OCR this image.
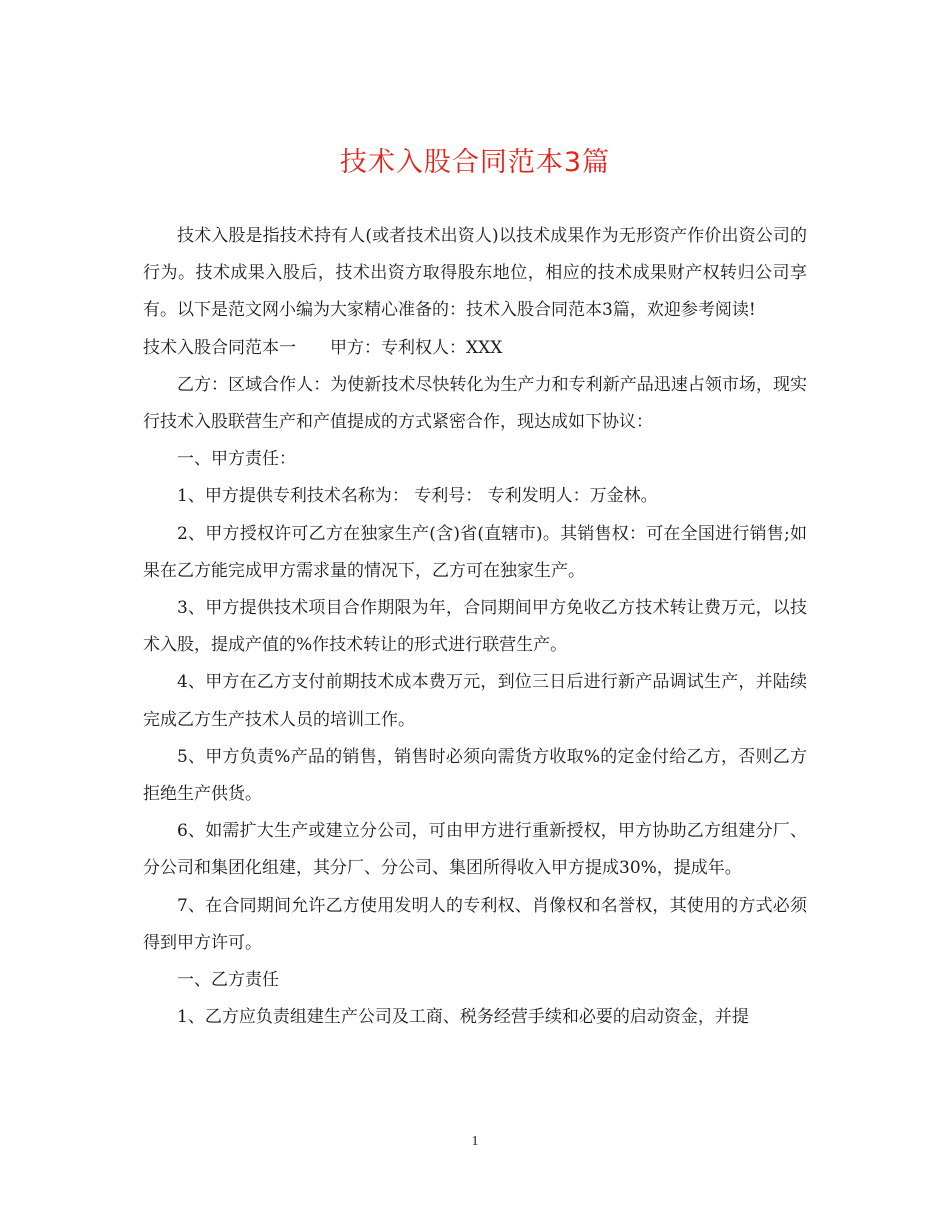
技术入股合同范本3篇

技术入股是指技术持有人(或者技术出资人)以技术成果作为无形资产作价出资公司的行为。技术成果入股后，技术出资方取得股东地位，相应的技术成果财产权转归公司享有。以下是范文网小编为大家精心准备的：技术入股合同范本3篇，欢迎参考阅读!

技术入股合同范本一　　甲方：专利权人：XXX

乙方：区域合作人：为使新技术尽快转化为生产力和专利新产品迅速占领市场，现实行技术入股联营生产和产值提成的方式紧密合作，现达成如下协议：

一、甲方责任：

1、甲方提供专利技术名称为： 专利号： 专利发明人：万金林。

2、甲方授权许可乙方在独家生产(含)省(直辖市)。其销售权：可在全国进行销售;如果在乙方能完成甲方需求量的情况下，乙方可在独家生产。

3、甲方提供技术项目合作期限为年，合同期间甲方免收乙方技术转让费万元，以技术入股，提成产值的%作技术转让的形式进行联营生产。

4、甲方在乙方支付前期技术成本费万元，到位三日后进行新产品调试生产，并陆续完成乙方生产技术人员的培训工作。

5、甲方负责%产品的销售，销售时必须向需货方收取%的定金付给乙方，否则乙方拒绝生产供货。

6、如需扩大生产或建立分公司，可由甲方进行重新授权，甲方协助乙方组建分厂、分公司和集团化组建，其分厂、分公司、集团所得收入甲方提成30%，提成年。

7、在合同期间允许乙方使用发明人的专利权、肖像权和名誉权，其使用的方式必须得到甲方许可。

一、乙方责任

1、乙方应负责组建生产公司及工商、税务经营手续和必要的启动资金，并提

1
